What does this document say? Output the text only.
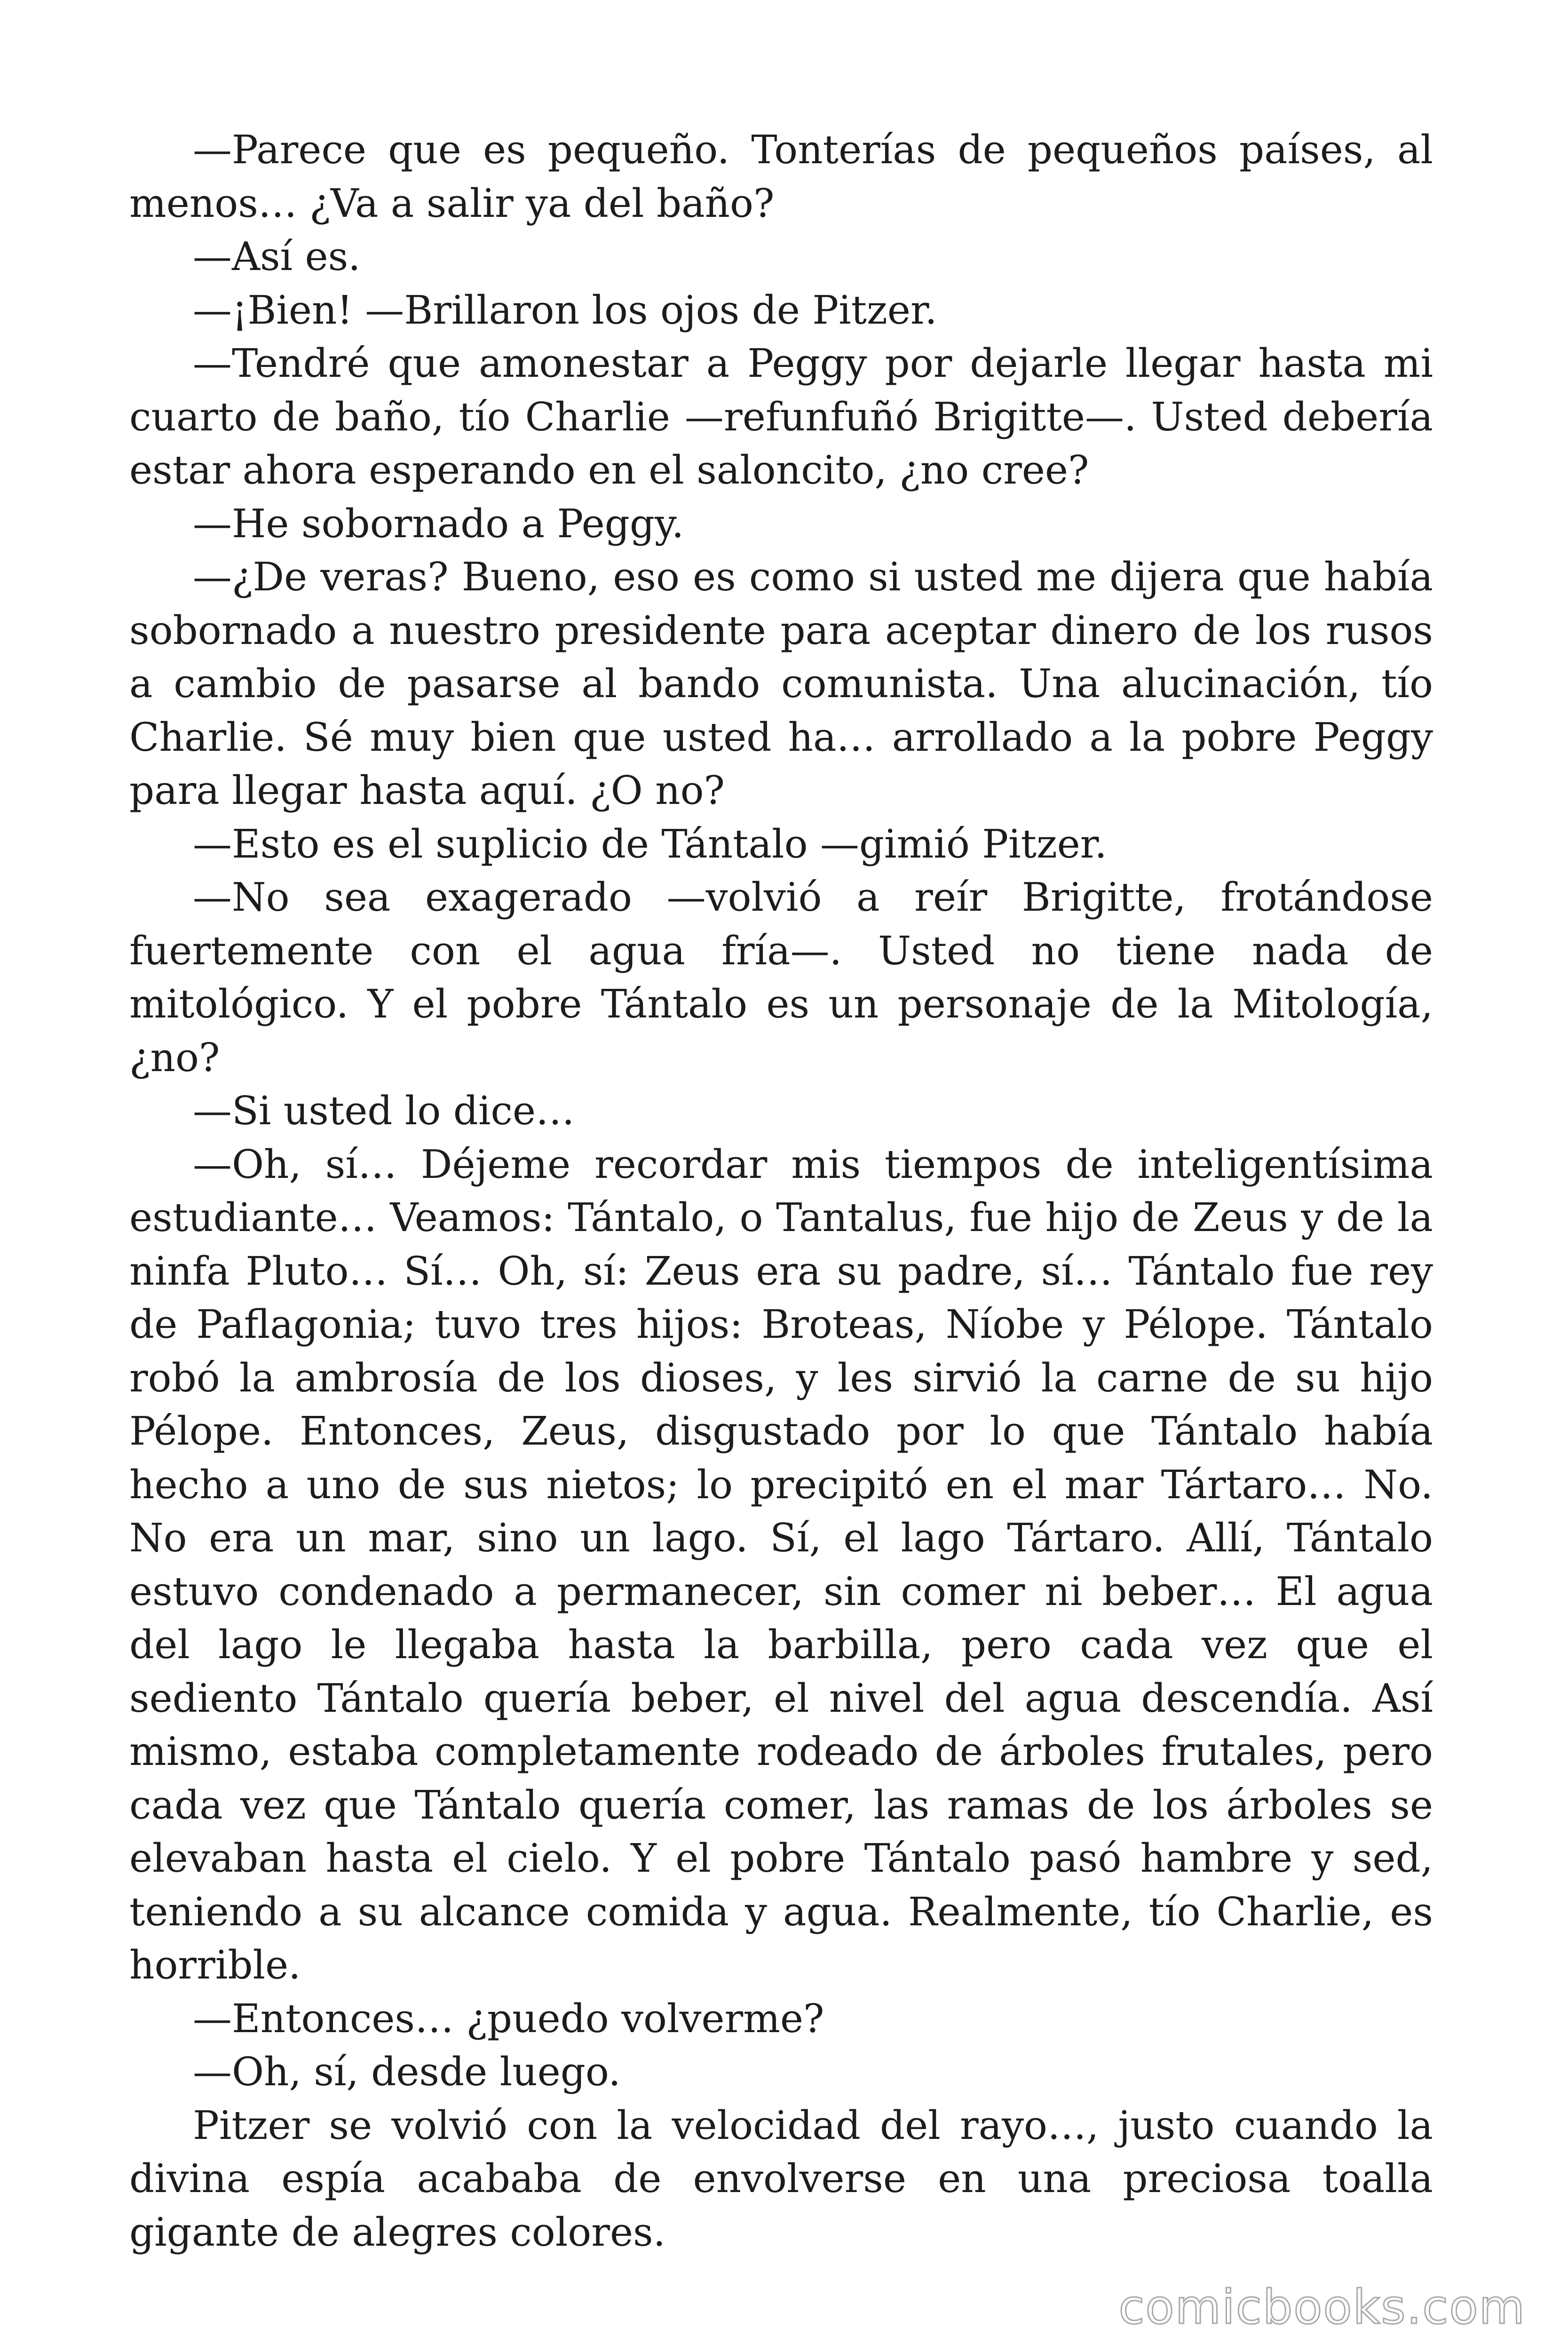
—Parece que es pequeño. Tonterías de pequeños países, al menos… ¿Va a salir ya del baño?

—Así es.

—¡Bien! —Brillaron los ojos de Pitzer.

—Tendré que amonestar a Peggy por dejarle llegar hasta mi cuarto de baño, tío Charlie —refunfuñó Brigitte—. Usted debería estar ahora esperando en el saloncito, ¿no cree?

—He sobornado a Peggy.

—¿De veras? Bueno, eso es como si usted me dijera que había sobornado a nuestro presidente para aceptar dinero de los rusos a cambio de pasarse al bando comunista. Una alucinación, tío Charlie. Sé muy bien que usted ha… arrollado a la pobre Peggy para llegar hasta aquí. ¿O no?

—Esto es el suplicio de Tántalo —gimió Pitzer.

—No sea exagerado —volvió a reír Brigitte, frotándose fuertemente con el agua fría—. Usted no tiene nada de mitológico. Y el pobre Tántalo es un personaje de la Mitología, ¿no?

—Si usted lo dice…

—Oh, sí… Déjeme recordar mis tiempos de inteligentísima estudiante… Veamos: Tántalo, o Tantalus, fue hijo de Zeus y de la ninfa Pluto… Sí… Oh, sí: Zeus era su padre, sí… Tántalo fue rey de Paflagonia; tuvo tres hijos: Broteas, Níobe y Pélope. Tántalo robó la ambrosía de los dioses, y les sirvió la carne de su hijo Pélope. Entonces, Zeus, disgustado por lo que Tántalo había hecho a uno de sus nietos; lo precipitó en el mar Tártaro… No. No era un mar, sino un lago. Sí, el lago Tártaro. Allí, Tántalo estuvo condenado a permanecer, sin comer ni beber… El agua del lago le llegaba hasta la barbilla, pero cada vez que el sediento Tántalo quería beber, el nivel del agua descendía. Así mismo, estaba completamente rodeado de árboles frutales, pero cada vez que Tántalo quería comer, las ramas de los árboles se elevaban hasta el cielo. Y el pobre Tántalo pasó hambre y sed, teniendo a su alcance comida y agua. Realmente, tío Charlie, es horrible.

—Entonces… ¿puedo volverme?

—Oh, sí, desde luego.

Pitzer se volvió con la velocidad del rayo…, justo cuando la divina espía acababa de envolverse en una preciosa toalla gigante de alegres colores.

comicbooks.com
